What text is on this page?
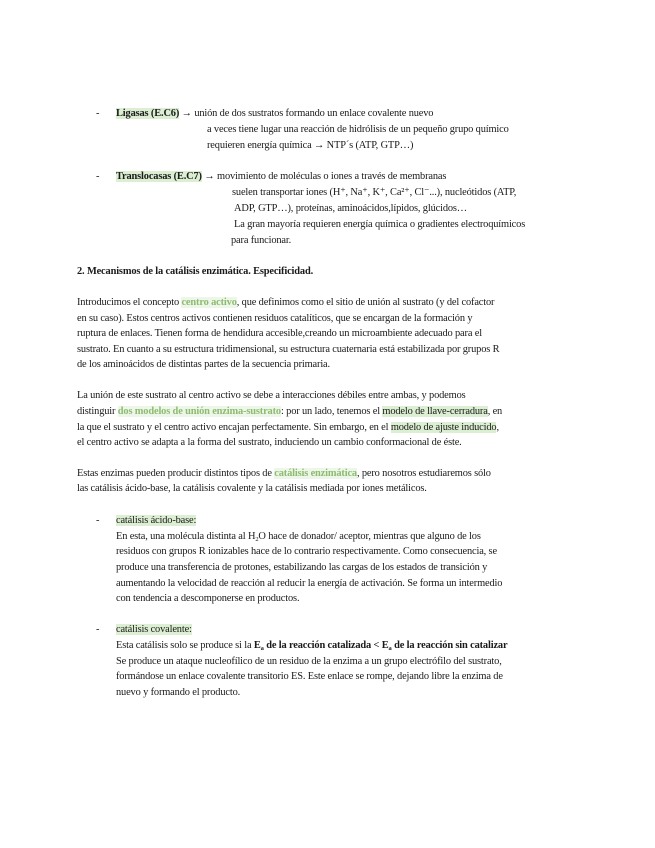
- Ligasas (E.C6) → unión de dos sustratos formando un enlace covalente nuevo
a veces tiene lugar una reacción de hidrólisis de un pequeño grupo químico
requieren energía química → NTP´s (ATP, GTP…)
- Translocasas (E.C7) → movimiento de moléculas o iones a través de membranas
suelen transportar iones (H⁺, Na⁺, K⁺, Ca²⁺, Cl⁻...), nucleótidos (ATP,
ADP, GTP…), proteínas, aminoácidos,lípidos, glúcidos…
La gran mayoría requieren energía química o gradientes electroquímicos
para funcionar.
2. Mecanismos de la catálisis enzimática. Especificidad.
Introducimos el concepto centro activo, que definimos como el sitio de unión al sustrato (y del cofactor
en su caso). Estos centros activos contienen residuos catalíticos, que se encargan de la formación y
ruptura de enlaces. Tienen forma de hendidura accesible,creando un microambiente adecuado para el
sustrato. En cuanto a su estructura tridimensional, su estructura cuaternaria está estabilizada por grupos R
de los aminoácidos de distintas partes de la secuencia primaria.
La unión de este sustrato al centro activo se debe a interacciones débiles entre ambas, y podemos
distinguir dos modelos de unión enzima-sustrato: por un lado, tenemos el modelo de llave-cerradura, en
la que el sustrato y el centro activo encajan perfectamente. Sin embargo, en el modelo de ajuste inducido,
el centro activo se adapta a la forma del sustrato, induciendo un cambio conformacional de éste.
Estas enzimas pueden producir distintos tipos de catálisis enzimática, pero nosotros estudiaremos sólo
las catálisis ácido-base, la catálisis covalente y la catálisis mediada por iones metálicos.
- catálisis ácido-base:
En esta, una molécula distinta al $H_2O$ hace de donador/ aceptor, mientras que alguno de los
residuos con grupos R ionizables hace de lo contrario respectivamente. Como consecuencia, se
produce una transferencia de protones, estabilizando las cargas de los estados de transición y
aumentando la velocidad de reacción al reducir la energía de activación. Se forma un intermedio
con tendencia a descomponerse en productos.
- catálisis covalente:
Esta catálisis solo se produce si la $E_a$ de la reacción catalizada < $E_a$ de la reacción sin catalizar
Se produce un ataque nucleofílico de un residuo de la enzima a un grupo electrófilo del sustrato,
formándose un enlace covalente transitorio ES. Este enlace se rompe, dejando libre la enzima de
nuevo y formando el producto.
